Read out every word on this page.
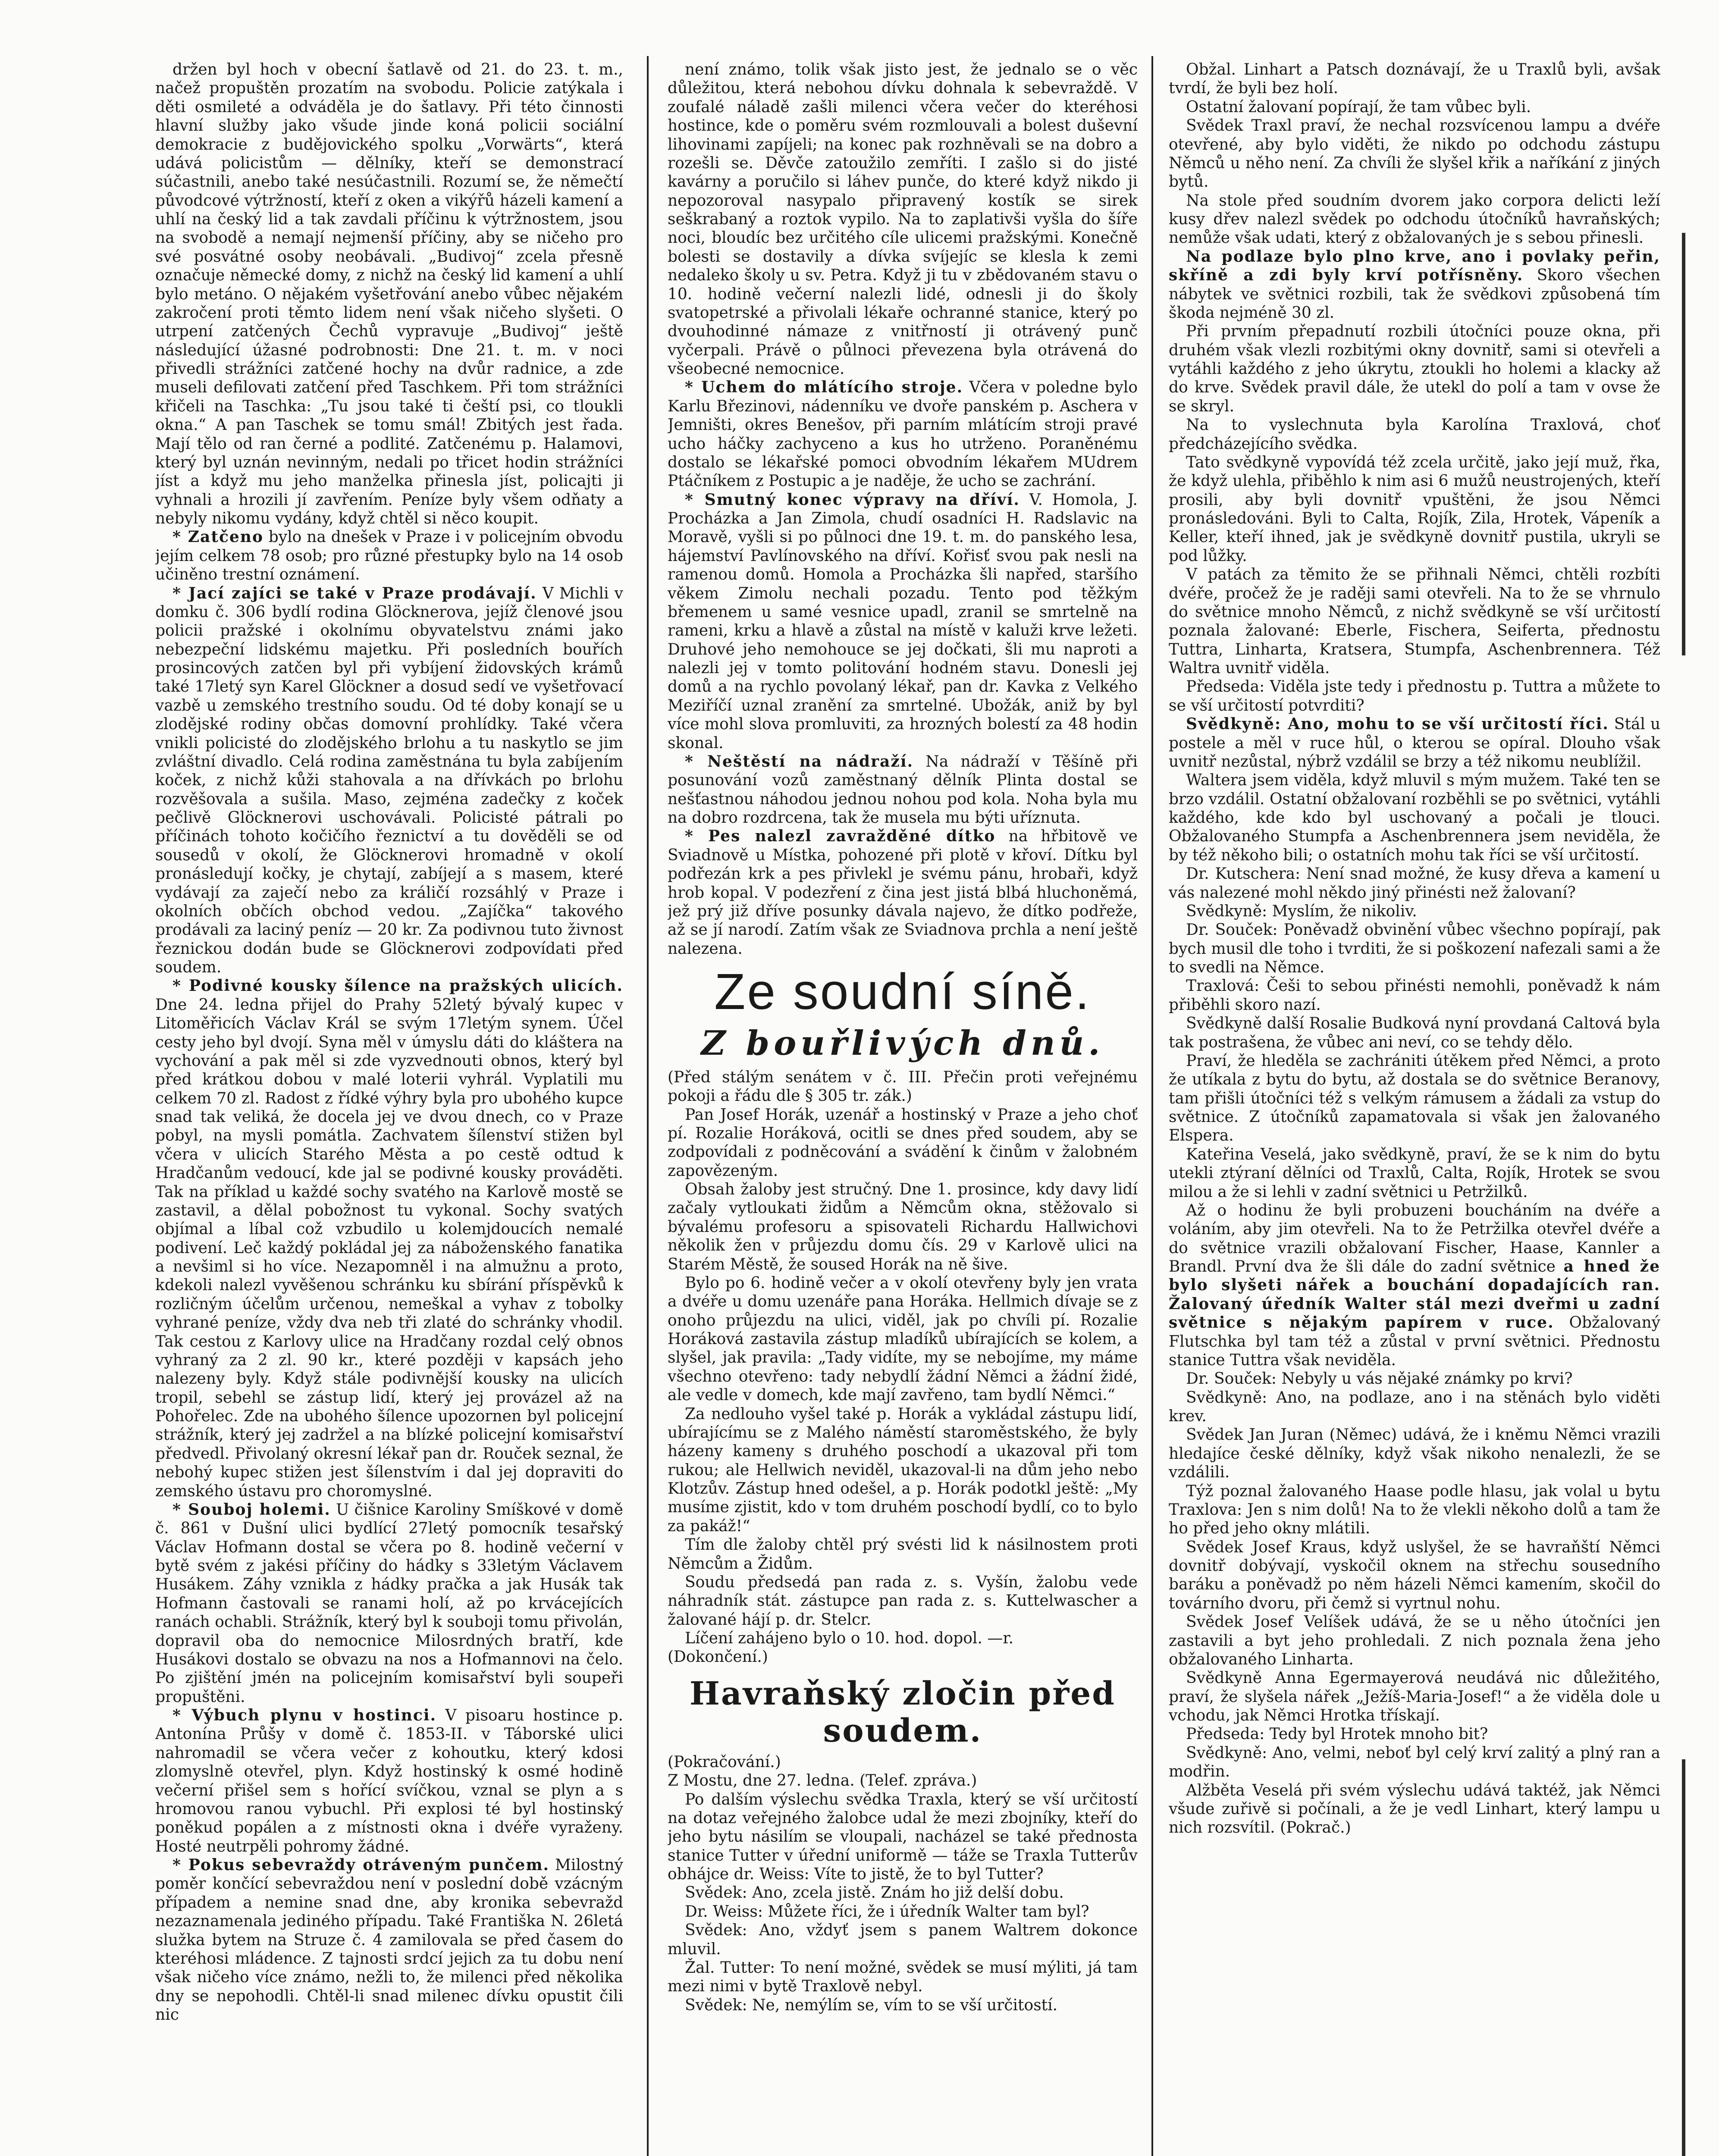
držen byl hoch v obecní šatlavě od 21. do 23. t. m., načež propuštěn prozatím na svobodu. Policie zatýkala i děti osmileté a odváděla je do šatlavy. Při této činnosti hlavní služby jako všude jinde koná policii sociální demokracie z budějovického spolku „Vorwärts“, která udává policistům — dělníky, kteří se demonstrací súčastnili, anebo také nesúčastnili. Rozumí se, že němečtí původcové výtržností, kteří z oken a vikýřů házeli kamení a uhlí na český lid a tak zavdali příčinu k výtržnostem, jsou na svobodě a nemají nejmenší příčiny, aby se ničeho pro své posvátné osoby neobávali. „Budivoj“ zcela přesně označuje německé domy, z nichž na český lid kamení a uhlí bylo metáno. O nějakém vyšetřování anebo vůbec nějakém zakročení proti těmto lidem není však ničeho slyšeti. O utrpení zatčených Čechů vypravuje „Budivoj“ ještě následující úžasné podrobnosti: Dne 21. t. m. v noci přivedli strážníci zatčené hochy na dvůr radnice, a zde museli defilovati zatčení před Taschkem. Při tom strážníci křičeli na Taschka: „Tu jsou také ti čeští psi, co tloukli okna.“ A pan Taschek se tomu smál! Zbitých jest řada. Mají tělo od ran černé a podlité. Zatčenému p. Halamovi, který byl uznán nevinným, nedali po třicet hodin strážníci jíst a když mu jeho manželka přinesla jíst, policajti ji vyhnali a hrozili jí zavřením. Peníze byly všem odňaty a nebyly nikomu vydány, když chtěl si něco koupit.

* Zatčeno bylo na dnešek v Praze i v policejním obvodu jejím celkem 78 osob; pro různé přestupky bylo na 14 osob učiněno trestní oznámení.

* Jací zajíci se také v Praze prodávají. V Michli v domku č. 306 bydlí rodina Glöcknerova, jejíž členové jsou policii pražské i okolnímu obyvatelstvu známi jako nebezpeční lidskému majetku. Při posledních bouřích prosincových zatčen byl při vybíjení židovských krámů také 17letý syn Karel Glöckner a dosud sedí ve vyšetřovací vazbě u zemského trestního soudu. Od té doby konají se u zlodějské rodiny občas domovní prohlídky. Také včera vnikli policisté do zlodějského brlohu a tu naskytlo se jim zvláštní divadlo. Celá rodina zaměstnána tu byla zabíjením koček, z nichž kůži stahovala a na dřívkách po brlohu rozvěšovala a sušila. Maso, zejména zadečky z koček pečlivě Glöcknerovi uschovávali. Policisté pátrali po příčinách tohoto kočičího řeznictví a tu dověděli se od sousedů v okolí, že Glöcknerovi hromadně v okolí pronásledují kočky, je chytají, zabíjejí a s masem, které vydávají za zaječí nebo za králičí rozsáhlý v Praze i okolních občích obchod vedou. „Zajíčka“ takového prodávali za laciný peníz — 20 kr. Za podivnou tuto živnost řeznickou dodán bude se Glöcknerovi zodpovídati před soudem.

* Podivné kousky šílence na pražských ulicích. Dne 24. ledna přijel do Prahy 52letý bývalý kupec v Litoměřicích Václav Král se svým 17letým synem. Účel cesty jeho byl dvojí. Syna měl v úmyslu dáti do kláštera na vychování a pak měl si zde vyzvednouti obnos, který byl před krátkou dobou v malé loterii vyhrál. Vyplatili mu celkem 70 zl. Radost z řídké výhry byla pro ubohého kupce snad tak veliká, že docela jej ve dvou dnech, co v Praze pobyl, na mysli pomátla. Zachvatem šílenství stižen byl včera v ulicích Starého Města a po cestě odtud k Hradčanům vedoucí, kde jal se podivné kousky prováděti. Tak na příklad u každé sochy svatého na Karlově mostě se zastavil, a dělal pobožnost tu vykonal. Sochy svatých objímal a líbal což vzbudilo u kolemjdoucích nemalé podivení. Leč každý pokládal jej za náboženského fanatika a nevšiml si ho více. Nezapomněl i na almužnu a proto, kdekoli nalezl vyvěšenou schránku ku sbírání příspěvků k rozličným účelům určenou, nemeškal a vyhav z tobolky vyhrané peníze, vždy dva neb tři zlaté do schránky vhodil. Tak cestou z Karlovy ulice na Hradčany rozdal celý obnos vyhraný za 2 zl. 90 kr., které později v kapsách jeho nalezeny byly. Když stále podivnější kousky na ulicích tropil, sebehl se zástup lidí, který jej provázel až na Pohořelec. Zde na ubohého šílence upozornen byl policejní strážník, který jej zadržel a na blízké policejní komisařství předvedl. Přivolaný okresní lékař pan dr. Rouček seznal, že nebohý kupec stižen jest šílenstvím i dal jej dopraviti do zemského ústavu pro choromyslné.

* Souboj holemi. U čišnice Karoliny Smíškové v domě č. 861 v Dušní ulici bydlící 27letý pomocník tesařský Václav Hofmann dostal se včera po 8. hodině večerní v bytě svém z jakési příčiny do hádky s 33letým Václavem Husákem. Záhy vznikla z hádky pračka a jak Husák tak Hofmann častovali se ranami holí, až po krvácejících ranách ochabli. Strážník, který byl k souboji tomu přivolán, dopravil oba do nemocnice Milosrdných bratří, kde Husákovi dostalo se obvazu na nos a Hofmannovi na čelo. Po zjištění jmén na policejním komisařství byli soupeři propuštěni.

* Výbuch plynu v hostinci. V pisoaru hostince p. Antonína Průšy v domě č. 1853-II. v Táborské ulici nahromadil se včera večer z kohoutku, který kdosi zlomyslně otevřel, plyn. Když hostinský k osmé hodině večerní přišel sem s hořící svíčkou, vznal se plyn a s hromovou ranou vybuchl. Při explosi té byl hostinský poněkud popálen a z místnosti okna i dvéře vyraženy. Hosté neutrpěli pohromy žádné.

* Pokus sebevraždy otráveným punčem. Milostný poměr končící sebevraždou není v poslední době vzácným případem a nemine snad dne, aby kronika sebevražd nezaznamenala jediného případu. Také Františka N. 26letá služka bytem na Struze č. 4 zamilovala se před časem do kteréhosi mládence. Z tajnosti srdcí jejich za tu dobu není však ničeho více známo, nežli to, že milenci před několika dny se nepohodli. Chtěl-li snad milenec dívku opustit čili nic

není známo, tolik však jisto jest, že jednalo se o věc důležitou, která nebohou dívku dohnala k sebevraždě. V zoufalé náladě zašli milenci včera večer do kteréhosi hostince, kde o poměru svém rozmlouvali a bolest duševní lihovinami zapíjeli; na konec pak rozhněvali se na dobro a rozešli se. Děvče zatoužilo zemříti. I zašlo si do jisté kavárny a poručilo si láhev punče, do které když nikdo ji nepozoroval nasypalo připravený kostík se sirek seškrabaný a roztok vypilo. Na to zaplativši vyšla do šíře noci, bloudíc bez určitého cíle ulicemi pražskými. Konečně bolesti se dostavily a dívka svíjejíc se klesla k zemi nedaleko školy u sv. Petra. Když ji tu v zbědovaném stavu o 10. hodině večerní nalezli lidé, odnesli ji do školy svatopetrské a přivolali lékaře ochranné stanice, který po dvouhodinné námaze z vnitřností ji otrávený punč vyčerpali. Právě o půlnoci převezena byla otrávená do všeobecné nemocnice.

* Uchem do mlátícího stroje. Včera v poledne bylo Karlu Březinovi, nádenníku ve dvoře panském p. Aschera v Jemništi, okres Benešov, při parním mlátícím stroji pravé ucho háčky zachyceno a kus ho utrženo. Poraněnému dostalo se lékařské pomoci obvodním lékařem MUdrem Ptáčníkem z Postupic a je naděje, že ucho se zachrání.

* Smutný konec výpravy na dříví. V. Homola, J. Procházka a Jan Zimola, chudí osadníci H. Radslavic na Moravě, vyšli si po půlnoci dne 19. t. m. do panského lesa, hájemství Pavlínovského na dříví. Kořisť svou pak nesli na ramenou domů. Homola a Procházka šli napřed, staršího věkem Zimolu nechali pozadu. Tento pod těžkým břemenem u samé vesnice upadl, zranil se smrtelně na rameni, krku a hlavě a zůstal na místě v kaluži krve ležeti. Druhové jeho nemohouce se jej dočkati, šli mu naproti a nalezli jej v tomto politování hodném stavu. Donesli jej domů a na rychlo povolaný lékař, pan dr. Kavka z Velkého Meziříčí uznal zranění za smrtelné. Ubožák, aniž by byl více mohl slova promluviti, za hrozných bolestí za 48 hodin skonal.

* Neštěstí na nádraží. Na nádraží v Těšíně při posunování vozů zaměstnaný dělník Plinta dostal se nešťastnou náhodou jednou nohou pod kola. Noha byla mu na dobro rozdrcena, tak že musela mu býti uříznuta.

* Pes nalezl zavražděné dítko na hřbitově ve Sviadnově u Místka, pohozené při plotě v křoví. Dítku byl podřezán krk a pes přivlekl je svému pánu, hrobaři, když hrob kopal. V podezření z čina jest jistá blbá hluchoněmá, jež prý již dříve posunky dávala najevo, že dítko podřeže, až se jí narodí. Zatím však ze Sviadnova prchla a není ještě nalezena.

Ze soudní síně.
Z bouřlivých dnů.

(Před stálým senátem v č. III. Přečin proti veřejnému pokoji a řádu dle § 305 tr. zák.)

Pan Josef Horák, uzenář a hostinský v Praze a jeho choť pí. Rozalie Horáková, ocitli se dnes před soudem, aby se zodpovídali z podněcování a svádění k činům v žalobném zapovězeným.

Obsah žaloby jest stručný. Dne 1. prosince, kdy davy lidí začaly vytloukati židům a Němcům okna, stěžovalo si bývalému profesoru a spisovateli Richardu Hallwichovi několik žen v průjezdu domu čís. 29 v Karlově ulici na Starém Městě, že soused Horák na ně šive.

Bylo po 6. hodině večer a v okolí otevřeny byly jen vrata a dvéře u domu uzenáře pana Horáka. Hellmich dívaje se z onoho průjezdu na ulici, viděl, jak po chvíli pí. Rozalie Horáková zastavila zástup mladíků ubírajících se kolem, a slyšel, jak pravila: „Tady vidíte, my se nebojíme, my máme všechno otevřeno: tady nebydlí žádní Němci a žádní židé, ale vedle v domech, kde mají zavřeno, tam bydlí Němci.“

Za nedlouho vyšel také p. Horák a vykládal zástupu lidí, ubírajícímu se z Malého náměstí staroměstského, že byly házeny kameny s druhého poschodí a ukazoval při tom rukou; ale Hellwich neviděl, ukazoval-li na dům jeho nebo Klotzův. Zástup hned odešel, a p. Horák podotkl ještě: „My musíme zjistit, kdo v tom druhém poschodí bydlí, co to bylo za pakáž!“

Tím dle žaloby chtěl prý svésti lid k násilnostem proti Němcům a Židům.

Soudu předsedá pan rada z. s. Vyšín, žalobu vede náhradník stát. zástupce pan rada z. s. Kuttelwascher a žalované hájí p. dr. Stelcr.

Líčení zahájeno bylo o 10. hod. dopol. —r.

(Dokončení.)

Havraňský zločin před soudem.

(Pokračování.)

Z Mostu, dne 27. ledna. (Telef. zpráva.)

Po dalším výslechu svědka Traxla, který se vší určitostí na dotaz veřejného žalobce udal že mezi zbojníky, kteří do jeho bytu násilím se vloupali, nacházel se také přednosta stanice Tutter v úřední uniformě — táže se Traxla Tutterův obhájce dr. Weiss: Víte to jistě, že to byl Tutter?

Svědek: Ano, zcela jistě. Znám ho již delší dobu.

Dr. Weiss: Můžete říci, že i úředník Walter tam byl?

Svědek: Ano, vždyť jsem s panem Waltrem dokonce mluvil.

Žal. Tutter: To není možné, svědek se musí mýliti, já tam mezi nimi v bytě Traxlově nebyl.

Svědek: Ne, nemýlím se, vím to se vší určitostí.

Obžal. Linhart a Patsch doznávají, že u Traxlů byli, avšak tvrdí, že byli bez holí.

Ostatní žalovaní popírají, že tam vůbec byli.

Svědek Traxl praví, že nechal rozsvícenou lampu a dvéře otevřené, aby bylo viděti, že nikdo po odchodu zástupu Němců u něho není. Za chvíli že slyšel křik a naříkání z jiných bytů.

Na stole před soudním dvorem jako corpora delicti leží kusy dřev nalezl svědek po odchodu útočníků havraňských; nemůže však udati, který z obžalovaných je s sebou přinesli.

Na podlaze bylo plno krve, ano i povlaky peřin, skříně a zdi byly krví potřísněny. Skoro všechen nábytek ve světnici rozbili, tak že svědkovi způsobená tím škoda nejméně 30 zl.

Při prvním přepadnutí rozbili útočníci pouze okna, při druhém však vlezli rozbitými okny dovnitř, sami si otevřeli a vytáhli každého z jeho úkrytu, ztoukli ho holemi a klacky až do krve. Svědek pravil dále, že utekl do polí a tam v ovse že se skryl.

Na to vyslechnuta byla Karolína Traxlová, choť předcházejícího svědka.

Tato svědkyně vypovídá též zcela určitě, jako její muž, řka, že když ulehla, přiběhlo k nim asi 6 mužů neustrojených, kteří prosili, aby byli dovnitř vpuštěni, že jsou Němci pronásledováni. Byli to Calta, Rojík, Zila, Hrotek, Vápeník a Keller, kteří ihned, jak je svědkyně dovnitř pustila, ukryli se pod lůžky.

V patách za těmito že se přihnali Němci, chtěli rozbíti dvéře, pročež že je raději sami otevřeli. Na to že se vhrnulo do světnice mnoho Němců, z nichž svědkyně se vší určitostí poznala žalované: Eberle, Fischera, Seiferta, přednostu Tuttra, Linharta, Kratsera, Stumpfa, Aschenbrennera. Též Waltra uvnitř viděla.

Předseda: Viděla jste tedy i přednostu p. Tuttra a můžete to se vší určitostí potvrditi?

Svědkyně: Ano, mohu to se vší určitostí říci. Stál u postele a měl v ruce hůl, o kterou se opíral. Dlouho však uvnitř nezůstal, nýbrž vzdálil se brzy a též nikomu neublížil.

Waltera jsem viděla, když mluvil s mým mužem. Také ten se brzo vzdálil. Ostatní obžalovaní rozběhli se po světnici, vytáhli každého, kde kdo byl uschovaný a počali je tlouci. Obžalovaného Stumpfa a Aschenbrennera jsem neviděla, že by též někoho bili; o ostatních mohu tak říci se vší určitostí.

Dr. Kutschera: Není snad možné, že kusy dřeva a kamení u vás nalezené mohl někdo jiný přinésti než žalovaní?

Svědkyně: Myslím, že nikoliv.

Dr. Souček: Poněvadž obvinění vůbec všechno popírají, pak bych musil dle toho i tvrditi, že si poškození nafezali sami a že to svedli na Němce.

Traxlová: Češi to sebou přinésti nemohli, poněvadž k nám přiběhli skoro nazí.

Svědkyně další Rosalie Budková nyní provdaná Caltová byla tak postrašena, že vůbec ani neví, co se tehdy dělo.

Praví, že hleděla se zachrániti útěkem před Němci, a proto že utíkala z bytu do bytu, až dostala se do světnice Beranovy, tam přišli útočníci též s velkým rámusem a žádali za vstup do světnice. Z útočníků zapamatovala si však jen žalovaného Elspera.

Kateřina Veselá, jako svědkyně, praví, že se k nim do bytu utekli ztýraní dělníci od Traxlů, Calta, Rojík, Hrotek se svou milou a že si lehli v zadní světnici u Petržilků.

Až o hodinu že byli probuzeni boucháním na dvéře a voláním, aby jim otevřeli. Na to že Petržilka otevřel dvéře a do světnice vrazili obžalovaní Fischer, Haase, Kannler a Brandl. První dva že šli dále do zadní světnice a hned že bylo slyšeti nářek a bouchání dopadajících ran. Žalovaný úředník Walter stál mezi dveřmi u zadní světnice s nějakým papírem v ruce. Obžalovaný Flutschka byl tam též a zůstal v první světnici. Přednostu stanice Tuttra však neviděla.

Dr. Souček: Nebyly u vás nějaké známky po krvi?

Svědkyně: Ano, na podlaze, ano i na stěnách bylo viděti krev.

Svědek Jan Juran (Němec) udává, že i kněmu Němci vrazili hledajíce české dělníky, když však nikoho nenalezli, že se vzdálili.

Týž poznal žalovaného Haase podle hlasu, jak volal u bytu Traxlova: Jen s nim dolů! Na to že vlekli někoho dolů a tam že ho před jeho okny mlátili.

Svědek Josef Kraus, když uslyšel, že se havraňští Němci dovnitř dobývají, vyskočil oknem na střechu sousedního baráku a poněvadž po něm házeli Němci kamením, skočil do továrního dvoru, při čemž si vyrtnul nohu.

Svědek Josef Velíšek udává, že se u něho útočníci jen zastavili a byt jeho prohledali. Z nich poznala žena jeho obžalovaného Linharta.

Svědkyně Anna Egermayerová neudává nic důležitého, praví, že slyšela nářek „Ježíš-Maria-Josef!“ a že viděla dole u vchodu, jak Němci Hrotka třískají.

Předseda: Tedy byl Hrotek mnoho bit?

Svědkyně: Ano, velmi, neboť byl celý krví zalitý a plný ran a modřin.

Alžběta Veselá při svém výslechu udává taktéž, jak Němci všude zuřivě si počínali, a že je vedl Linhart, který lampu u nich rozsvítil. (Pokrač.)
